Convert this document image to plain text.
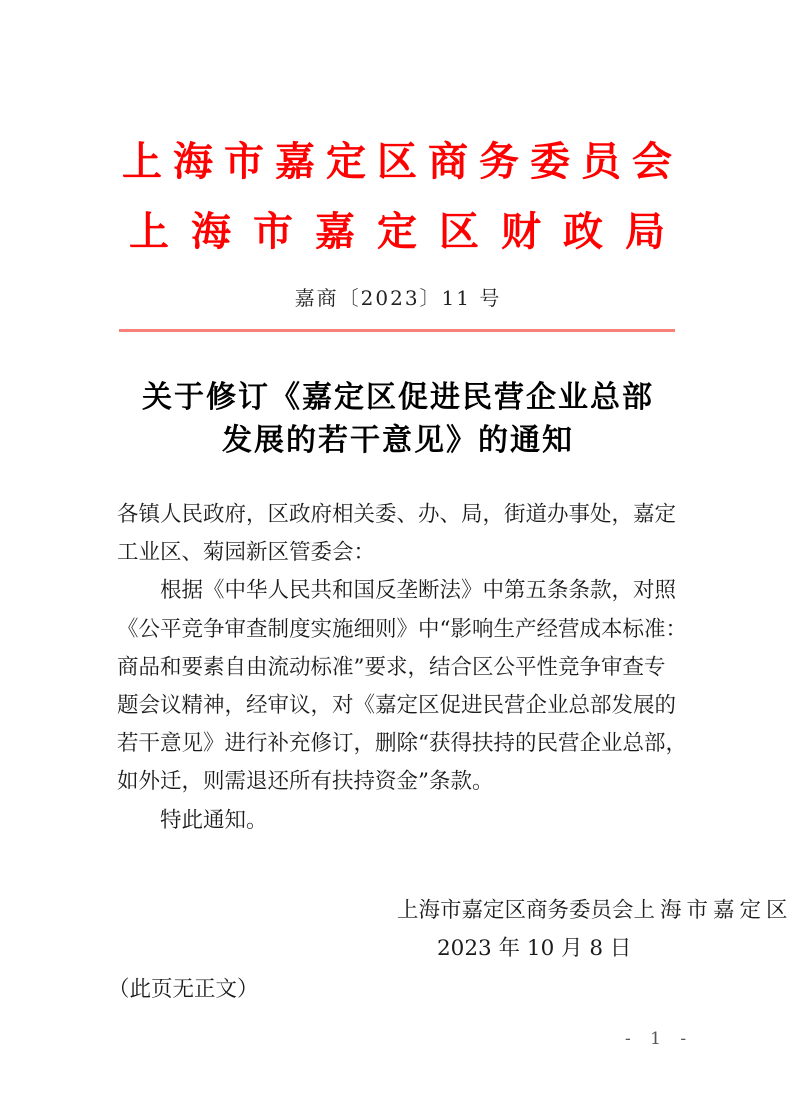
上海市嘉定区商务委员会
上海市嘉定区财政局
嘉商〔2023〕11 号
关于修订《嘉定区促进民营企业总部
发展的若干意见》的通知
各镇人民政府，区政府相关委、办、局，街道办事处，嘉定
工业区、菊园新区管委会：
根据《中华人民共和国反垄断法》中第五条条款，对照
《公平竞争审查制度实施细则》中“影响生产经营成本标准：
商品和要素自由流动标准”要求，结合区公平性竞争审查专
题会议精神，经审议，对《嘉定区促进民营企业总部发展的
若干意见》进行补充修订，删除“获得扶持的民营企业总部，
如外迁，则需退还所有扶持资金”条款。
特此通知。
上海市嘉定区商务委员会上海市嘉定区
2023 年 10 月 8 日
（此页无正文）
- 1 -
